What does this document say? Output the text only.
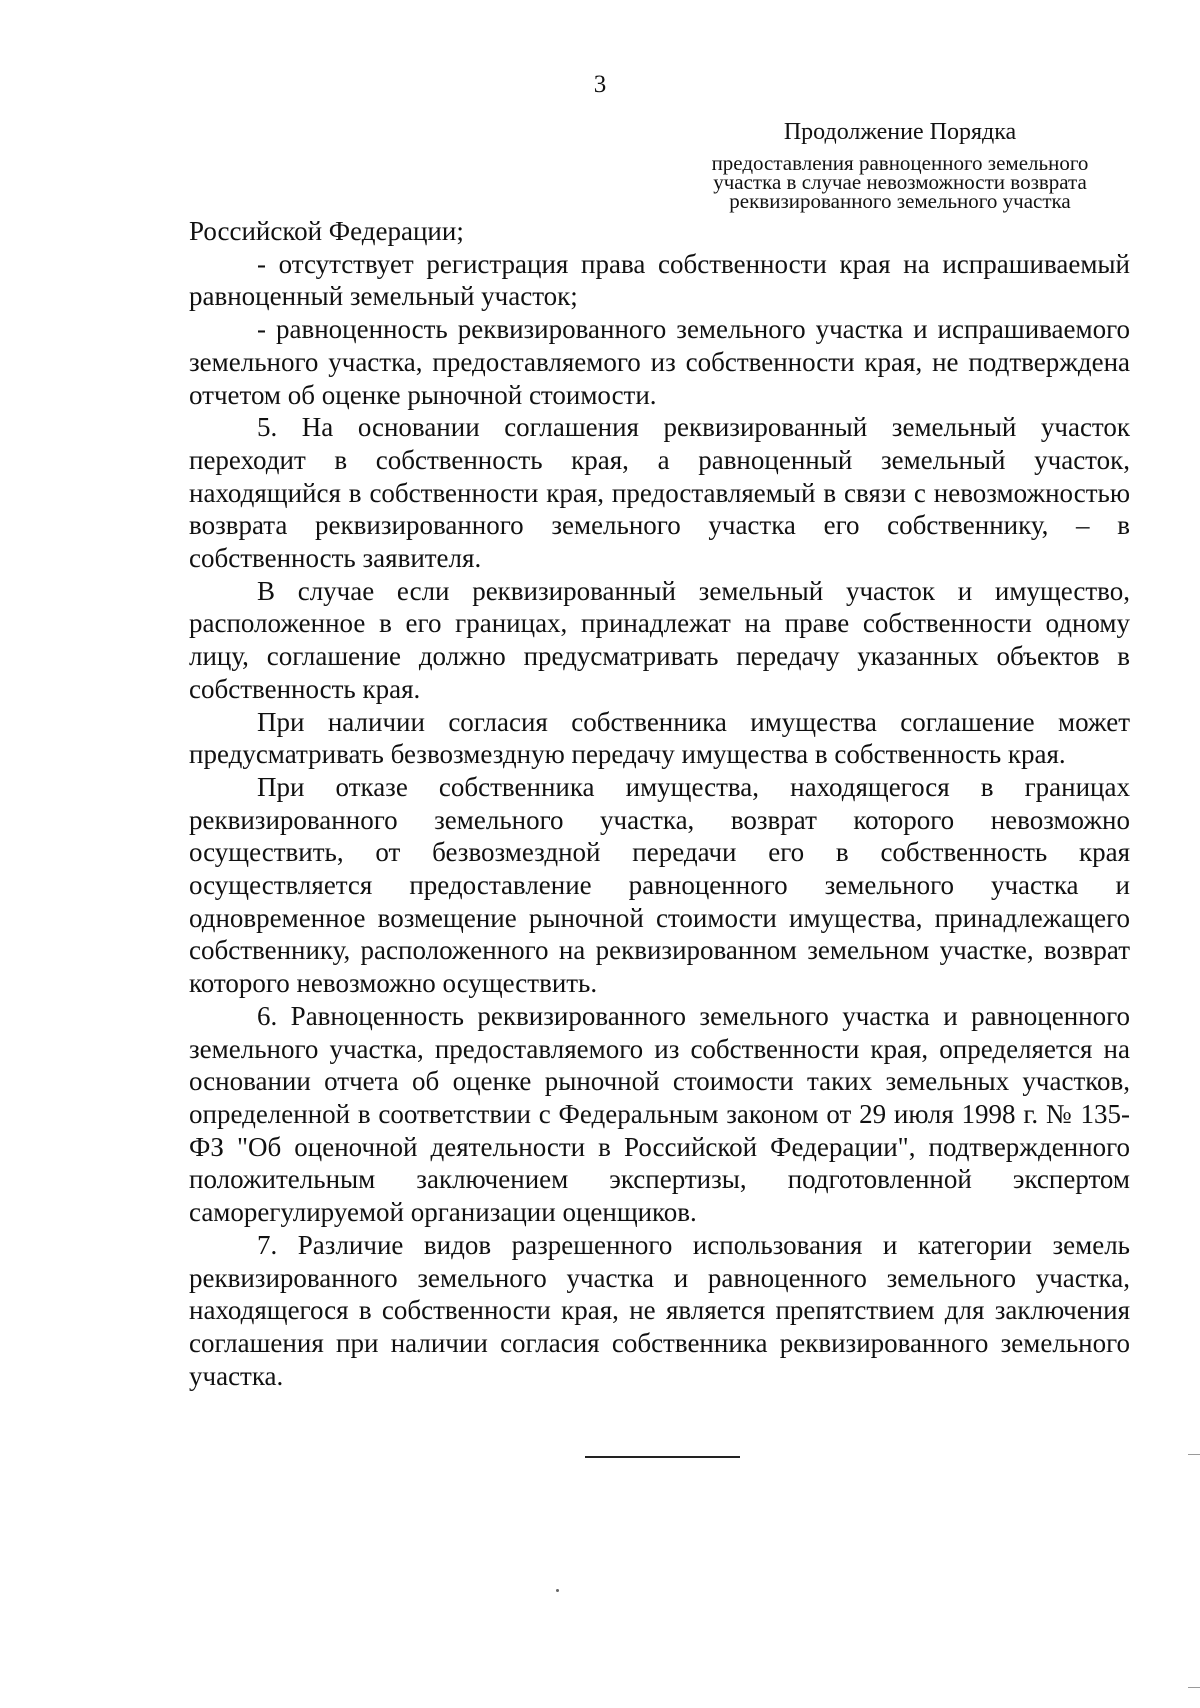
3
Продолжение Порядка
предоставления равноценного земельного
участка в случае невозможности возврата
реквизированного земельного участка

Российской Федерации;

- отсутствует регистрация права собственности края на испрашиваемый равноценный земельный участок;

- равноценность реквизированного земельного участка и испрашиваемого земельного участка, предоставляемого из собственности края, не подтверждена отчетом об оценке рыночной стоимости.

5. На основании соглашения реквизированный земельный участок переходит в собственность края, а равноценный земельный участок, находящийся в собственности края, предоставляемый в связи с невозможностью возврата реквизированного земельного участка его собственнику, – в собственность заявителя.

В случае если реквизированный земельный участок и имущество, расположенное в его границах, принадлежат на праве собственности одному лицу, соглашение должно предусматривать передачу указанных объектов в собственность края.

При наличии согласия собственника имущества соглашение может предусматривать безвозмездную передачу имущества в собственность края.

При отказе собственника имущества, находящегося в границах реквизированного земельного участка, возврат которого невозможно осуществить, от безвозмездной передачи его в собственность края осуществляется предоставление равноценного земельного участка и одновременное возмещение рыночной стоимости имущества, принадлежащего собственнику, расположенного на реквизированном земельном участке, возврат которого невозможно осуществить.

6. Равноценность реквизированного земельного участка и равноценного земельного участка, предоставляемого из собственности края, определяется на основании отчета об оценке рыночной стоимости таких земельных участков, определенной в соответствии с Федеральным законом от 29 июля 1998 г. № 135-ФЗ "Об оценочной деятельности в Российской Федерации", подтвержденного положительным заключением экспертизы, подготовленной экспертом саморегулируемой организации оценщиков.

7. Различие видов разрешенного использования и категории земель реквизированного земельного участка и равноценного земельного участка, находящегося в собственности края, не является препятствием для заключения соглашения при наличии согласия собственника реквизированного земельного участка.
